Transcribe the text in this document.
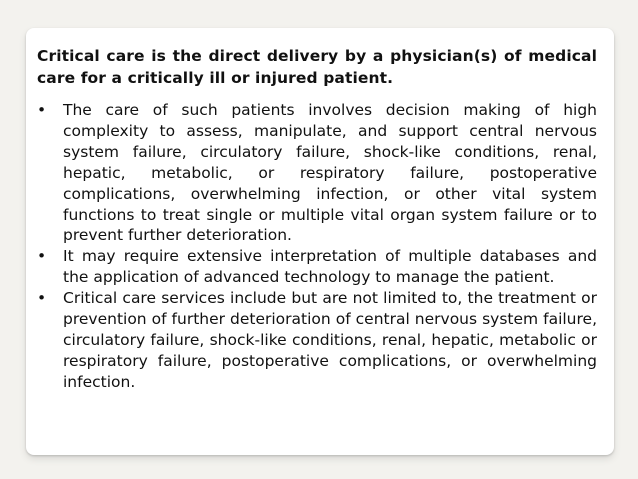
Critical care is the direct delivery by a physician(s) of medical care for a critically ill or injured patient.

•	The care of such patients involves decision making of high complexity to assess, manipulate, and support central nervous system failure, circulatory failure, shock-like conditions, renal, hepatic, metabolic, or respiratory failure, postoperative complications, overwhelming infection, or other vital system functions to treat single or multiple vital organ system failure or to prevent further deterioration.
•	It may require extensive interpretation of multiple databases and the application of advanced technology to manage the patient.
•	Critical care services include but are not limited to, the treatment or prevention of further deterioration of central nervous system failure, circulatory failure, shock-like conditions, renal, hepatic, metabolic or respiratory failure, postoperative complications, or overwhelming infection.
